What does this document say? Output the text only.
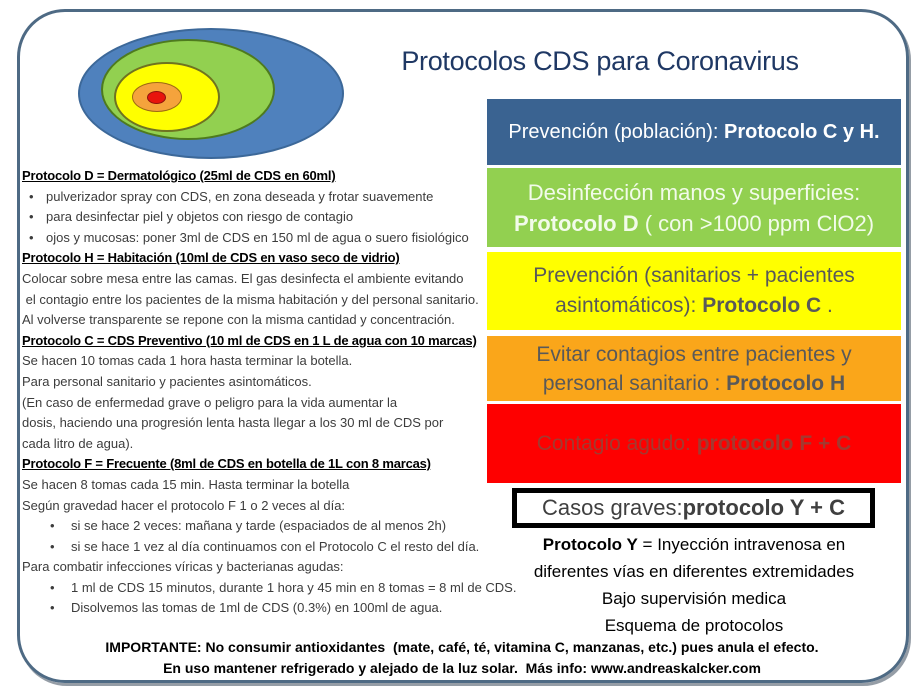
Protocolos CDS para Coronavirus
Protocolo D = Dermatológico (25ml de CDS en 60ml)
• pulverizador spray con CDS, en zona deseada y frotar suavemente
• para desinfectar piel y objetos con riesgo de contagio
• ojos y mucosas: poner 3ml de CDS en 150 ml de agua o suero fisiológico
Protocolo H = Habitación (10ml de CDS en vaso seco de vidrio)
Colocar sobre mesa entre las camas. El gas desinfecta el ambiente evitando
el contagio entre los pacientes de la misma habitación y del personal sanitario.
Al volverse transparente se repone con la misma cantidad y concentración.
Protocolo C = CDS Preventivo (10 ml de CDS en 1 L de agua con 10 marcas)
Se hacen 10 tomas cada 1 hora hasta terminar la botella.
Para personal sanitario y pacientes asintomáticos.
(En caso de enfermedad grave o peligro para la vida aumentar la
dosis, haciendo una progresión lenta hasta llegar a los 30 ml de CDS por
cada litro de agua).
Protocolo F = Frecuente (8ml de CDS en botella de 1L con 8 marcas)
Se hacen 8 tomas cada 15 min. Hasta terminar la botella
Según gravedad hacer el protocolo F 1 o 2 veces al día:
• si se hace 2 veces: mañana y tarde (espaciados de al menos 2h)
• si se hace 1 vez al día continuamos con el Protocolo C el resto del día.
Para combatir infecciones víricas y bacterianas agudas:
• 1 ml de CDS 15 minutos, durante 1 hora y 45 min en 8 tomas = 8 ml de CDS.
• Disolvemos las tomas de 1ml de CDS (0.3%) en 100ml de agua.
Prevención (población): Protocolo C y H.
Desinfección manos y superficies: Protocolo D ( con >1000 ppm ClO2)
Prevención (sanitarios + pacientes asintomáticos): Protocolo C .
Evitar contagios entre pacientes y personal sanitario : Protocolo H
Contagio agudo: protocolo F + C
Casos graves: protocolo Y + C
Protocolo Y = Inyección intravenosa en
diferentes vías en diferentes extremidades
Bajo supervisión medica
Esquema de protocolos
IMPORTANTE: No consumir antioxidantes  (mate, café, té, vitamina C, manzanas, etc.) pues anula el efecto.
En uso mantener refrigerado y alejado de la luz solar.  Más info: www.andreaskalcker.com
